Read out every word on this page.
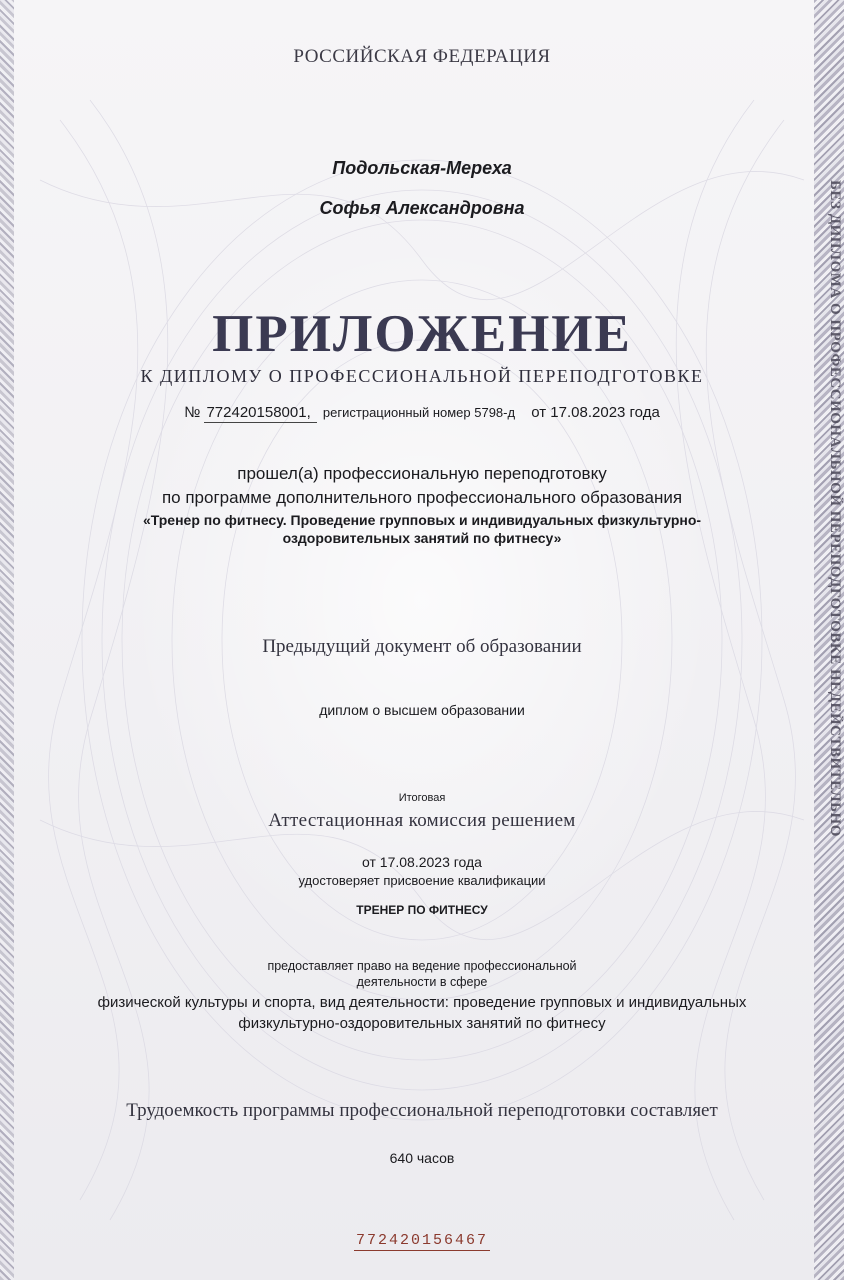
БЕЗ ДИПЛОМА О ПРОФЕССИОНАЛЬНОЙ ПЕРЕПОДГОТОВКЕ НЕДЕЙСТВИТЕЛЬНО
РОССИЙСКАЯ ФЕДЕРАЦИЯ
Подольская-Мереха
Софья Александровна
ПРИЛОЖЕНИЕ
К ДИПЛОМУ О ПРОФЕССИОНАЛЬНОЙ ПЕРЕПОДГОТОВКЕ
№ 772420158001, регистрационный номер 5798-д от 17.08.2023 года
прошел(а) профессиональную переподготовку
по программе дополнительного профессионального образования
«Тренер по фитнесу. Проведение групповых и индивидуальных физкультурно-
оздоровительных занятий по фитнесу»
Предыдущий документ об образовании
диплом о высшем образовании
Итоговая
Аттестационная комиссия решением
от 17.08.2023 года
удостоверяет присвоение квалификации
ТРЕНЕР ПО ФИТНЕСУ
предоставляет право на ведение профессиональной
деятельности в сфере
физической культуры и спорта, вид деятельности: проведение групповых и индивидуальных
физкультурно-оздоровительных занятий по фитнесу
Трудоемкость программы профессиональной переподготовки составляет
640 часов
772420156467
